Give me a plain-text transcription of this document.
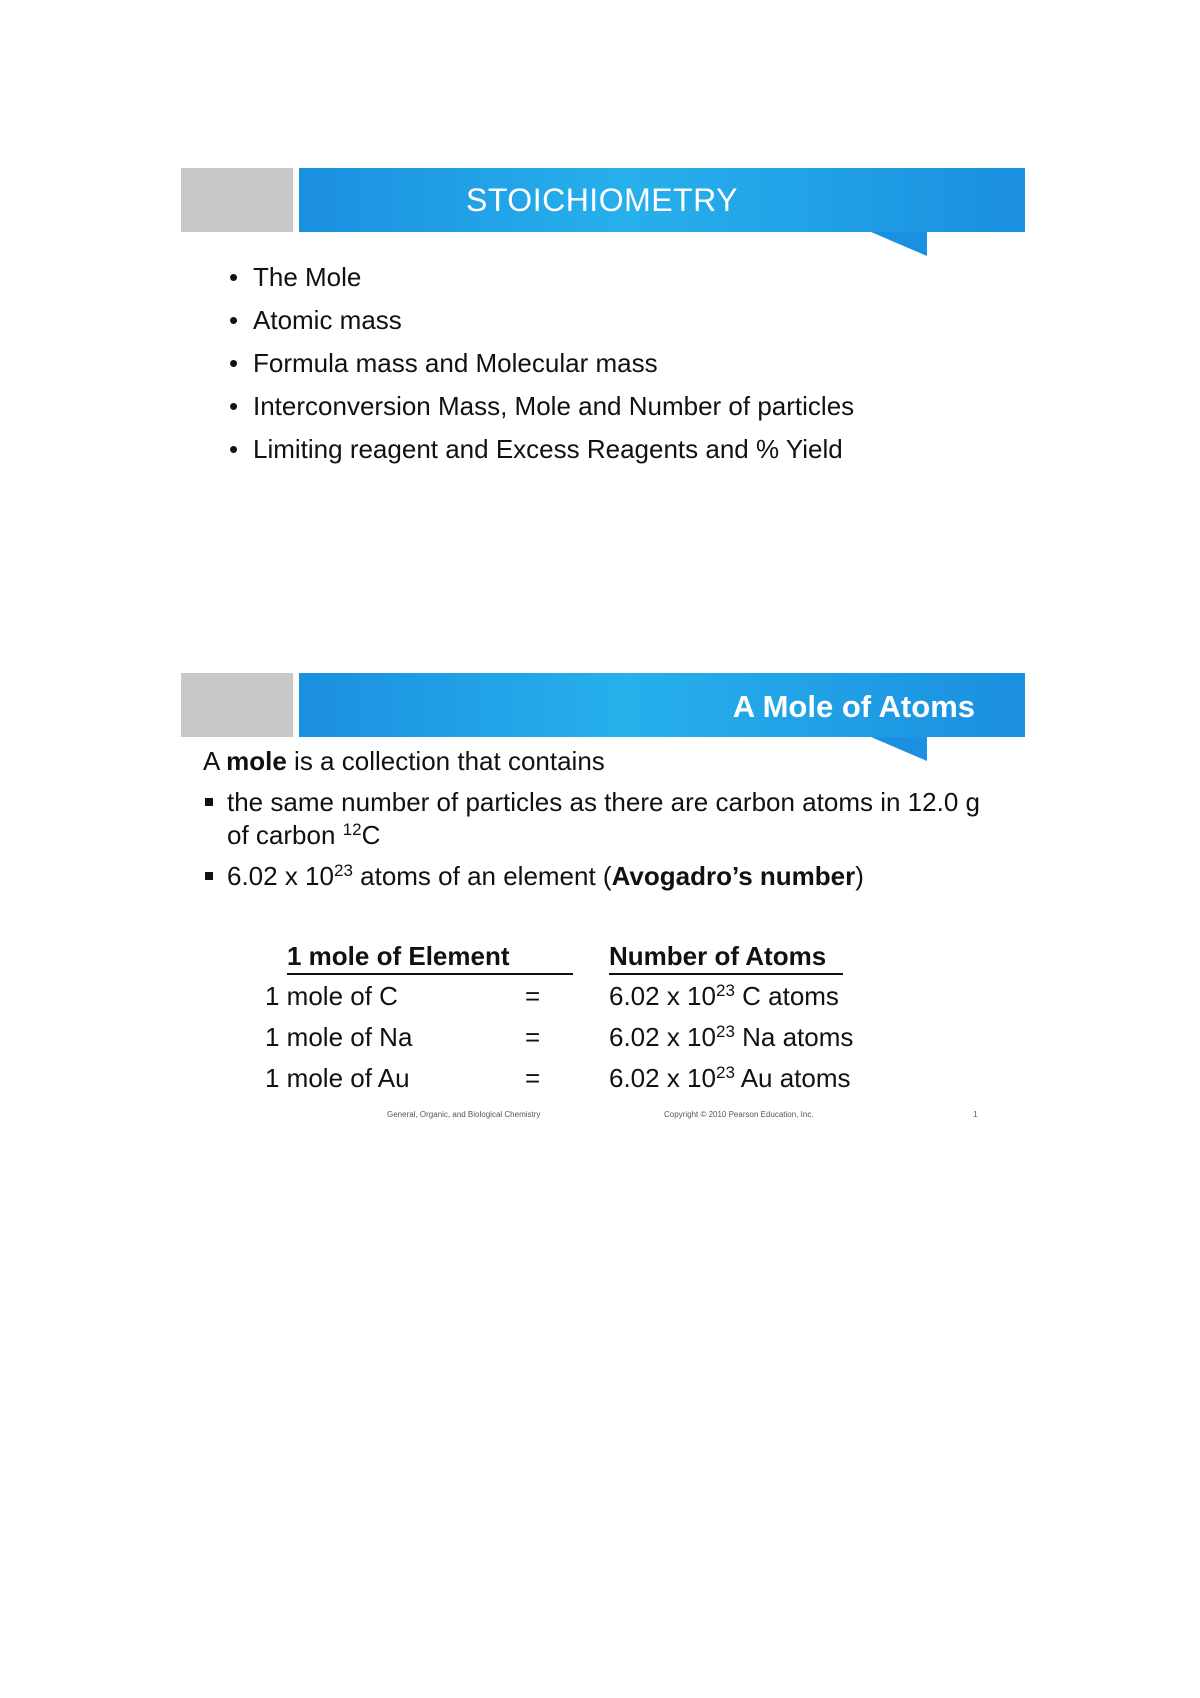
STOICHIOMETRY
• The Mole
• Atomic mass
• Formula mass and Molecular mass
• Interconversion Mass, Mole and Number of particles
• Limiting reagent and Excess Reagents and % Yield
A Mole of Atoms
A mole is a collection that contains
the same number of particles as there are carbon atoms in 12.0 g of carbon $^{12}$C
6.02 x $10^{23}$ atoms of an element (Avogadro’s number)
1 mole of Element	Number of Atoms
1 mole of C	=	6.02 x $10^{23}$ C atoms
1 mole of Na	=	6.02 x $10^{23}$ Na atoms
1 mole of Au	=	6.02 x $10^{23}$ Au atoms
General, Organic, and Biological Chemistry	Copyright © 2010 Pearson Education, Inc.	1
